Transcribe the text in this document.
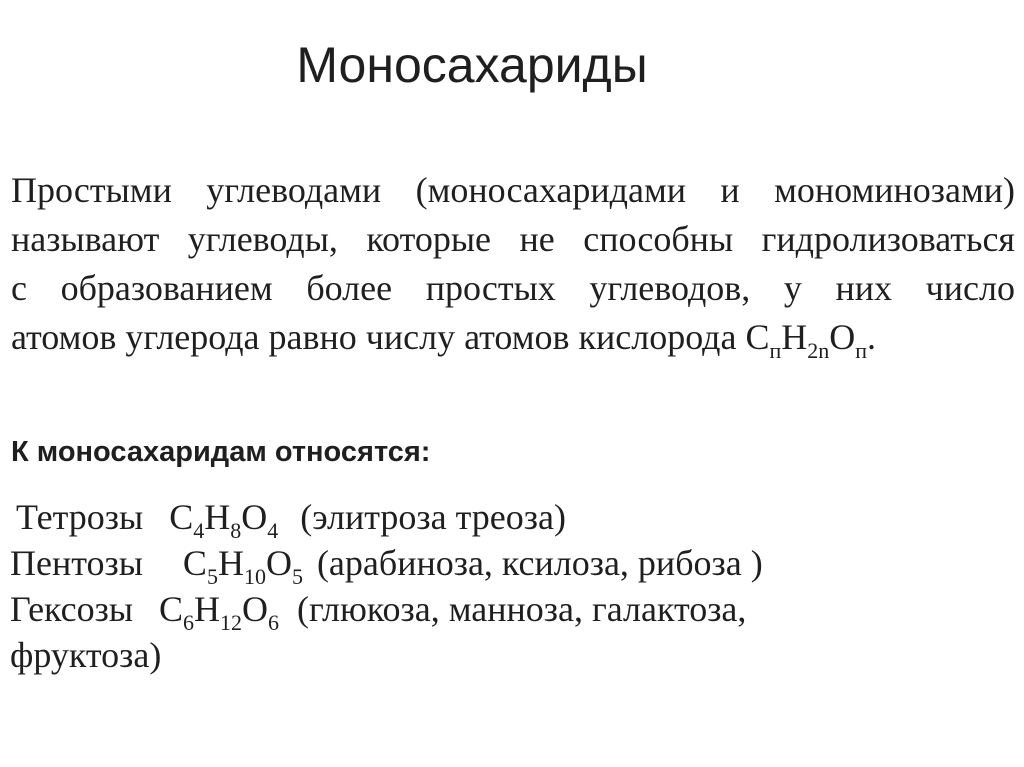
Моносахариды
Простыми углеводами (моносахаридами и мономинозами)
называют углеводы, которые не способны гидролизоваться
с образованием более простых углеводов, у них число
атомов углерода равно числу атомов кислорода $C_пH_{2n}O_п$.
К моносахаридам относятся:
Тетрозы $C_4H_8O_4$ (элитроза треоза)
Пентозы $C_5H_{10}O_5$ (арабиноза, ксилоза, рибоза )
Гексозы $C_6H_{12}O_6$ (глюкоза, манноза, галактоза,
фруктоза)
